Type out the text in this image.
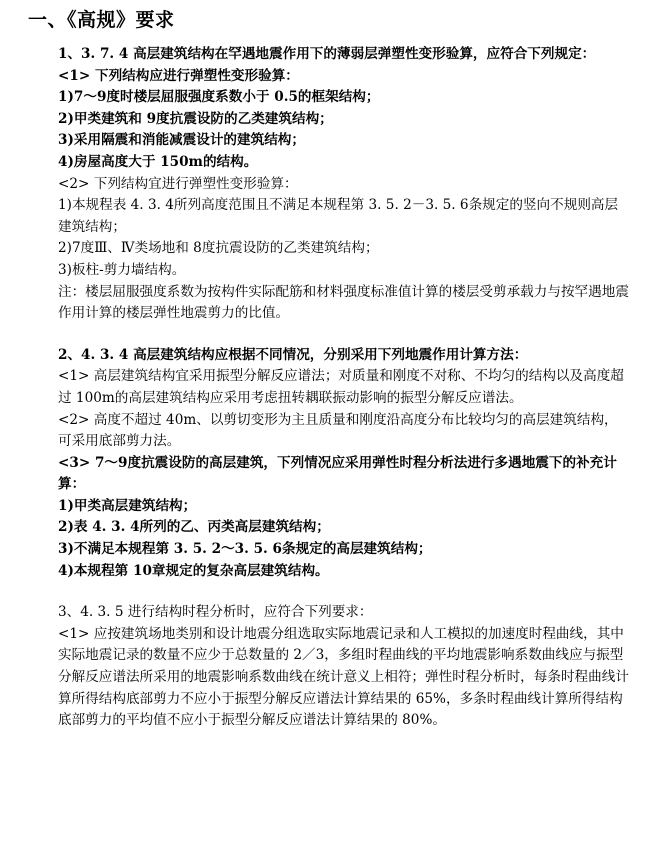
一、《高规》要求

1、3. 7. 4 高层建筑结构在罕遇地震作用下的薄弱层弹塑性变形验算，应符合下列规定：

<1> 下列结构应进行弹塑性变形验算：

1)7～9度时楼层屈服强度系数小于 0.5的框架结构；

2)甲类建筑和 9度抗震设防的乙类建筑结构；

3)采用隔震和消能减震设计的建筑结构；

4)房屋高度大于 150m的结构。

<2> 下列结构宜进行弹塑性变形验算：

1)本规程表 4. 3. 4所列高度范围且不满足本规程第 3. 5. 2－3. 5. 6条规定的竖向不规则高层建筑结构；

2)7度Ⅲ、Ⅳ类场地和 8度抗震设防的乙类建筑结构；

3)板柱-剪力墙结构。

注：楼层屈服强度系数为按构件实际配筋和材料强度标准值计算的楼层受剪承载力与按罕遇地震作用计算的楼层弹性地震剪力的比值。

2、4. 3. 4 高层建筑结构应根据不同情况，分别采用下列地震作用计算方法：

<1> 高层建筑结构宜采用振型分解反应谱法；对质量和刚度不对称、不均匀的结构以及高度超过 100m的高层建筑结构应采用考虑扭转耦联振动影响的振型分解反应谱法。

<2> 高度不超过 40m、以剪切变形为主且质量和刚度沿高度分布比较均匀的高层建筑结构，可采用底部剪力法。

<3> 7～9度抗震设防的高层建筑，下列情况应采用弹性时程分析法进行多遇地震下的补充计算：

1)甲类高层建筑结构；

2)表 4. 3. 4所列的乙、丙类高层建筑结构；

3)不满足本规程第 3. 5. 2～3. 5. 6条规定的高层建筑结构；

4)本规程第 10章规定的复杂高层建筑结构。

3、4. 3. 5 进行结构时程分析时，应符合下列要求：

<1> 应按建筑场地类别和设计地震分组选取实际地震记录和人工模拟的加速度时程曲线，其中实际地震记录的数量不应少于总数量的 2／3，多组时程曲线的平均地震影响系数曲线应与振型分解反应谱法所采用的地震影响系数曲线在统计意义上相符；弹性时程分析时，每条时程曲线计算所得结构底部剪力不应小于振型分解反应谱法计算结果的 65%，多条时程曲线计算所得结构底部剪力的平均值不应小于振型分解反应谱法计算结果的 80%。
